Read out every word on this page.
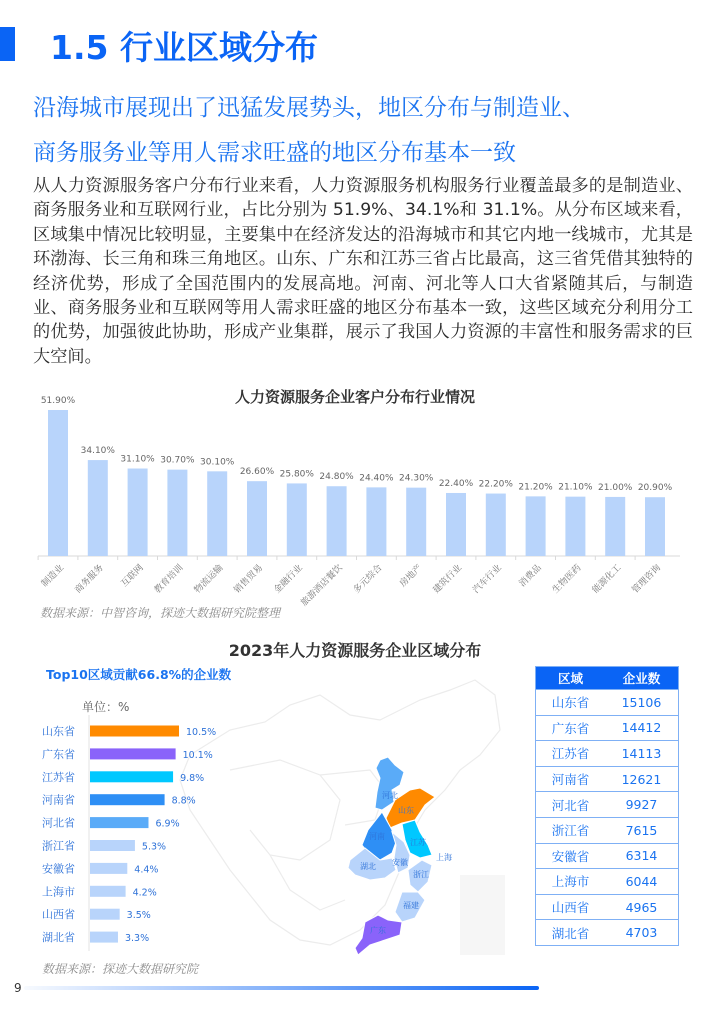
1.5 行业区域分布
沿海城市展现出了迅猛发展势头，地区分布与制造业、
商务服务业等用人需求旺盛的地区分布基本一致
从人力资源服务客户分布行业来看，人力资源服务机构服务行业覆盖最多的是制造业、商务服务业和互联网行业，占比分别为 51.9%、34.1%和 31.1%。从分布区域来看，区域集中情况比较明显，主要集中在经济发达的沿海城市和其它内地一线城市，尤其是环渤海、长三角和珠三角地区。山东、广东和江苏三省占比最高，这三省凭借其独特的经济优势，形成了全国范围内的发展高地。河南、河北等人口大省紧随其后，与制造业、商务服务业和互联网等用人需求旺盛的地区分布基本一致，这些区域充分利用分工的优势，加强彼此协助，形成产业集群，展示了我国人力资源的丰富性和服务需求的巨大空间。
人力资源服务企业客户分布行业情况
51.90%
制造业
34.10%
商务服务
31.10%
互联网
30.70%
教育培训
30.10%
物流运输
26.60%
销售贸易
25.80%
金融行业
24.80%
旅游酒店餐饮
24.40%
多元综合
24.30%
房地产
22.40%
建筑行业
22.20%
汽车行业
21.20%
消费品
21.10%
生物医药
21.00%
能源化工
20.90%
管理咨询
数据来源：中智咨询，探迹大数据研究院整理
2023年人力资源服务企业区域分布
Top10区域贡献66.8%的企业数
河北
山东
河南
江苏
湖北 安徽
上海
浙江
福建
广东
单位：%
山东省	10.5%
广东省	10.1%
江苏省	9.8%
河南省	8.8%
河北省	6.9%
浙江省	5.3%
安徽省	4.4%
上海市	4.2%
山西省	3.5%
湖北省	3.3%
区域	企业数
山东省	15106
广东省	14412
江苏省	14113
河南省	12621
河北省	9927
浙江省	7615
安徽省	6314
上海市	6044
山西省	4965
湖北省	4703
数据来源：探迹大数据研究院
9
